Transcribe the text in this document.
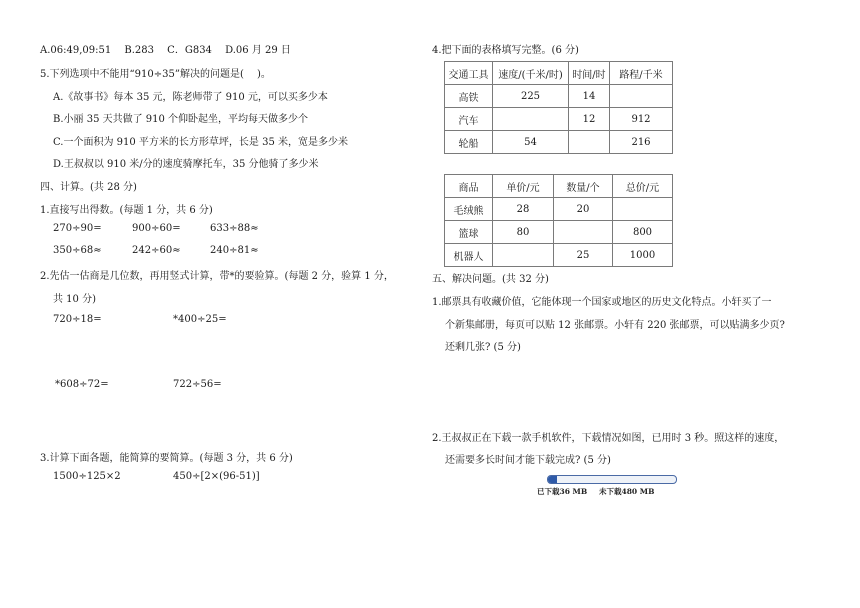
A.06:49,09:51　 B.283　 C．G834　 D.06 月 29 日
5.下列选项中不能用“910÷35”解决的问题是(　 )。
A.《故事书》每本 35 元，陈老师带了 910 元，可以买多少本
B.小丽 35 天共做了 910 个仰卧起坐，平均每天做多少个
C.一个面积为 910 平方米的长方形草坪，长是 35 米，宽是多少米
D.王叔叔以 910 米/分的速度骑摩托车，35 分他骑了多少米
四、计算。(共 28 分)
1.直接写出得数。(每题 1 分，共 6 分)
270÷90=	900÷60=	633÷88≈
350÷68≈	242÷60≈	240÷81≈
2.先估一估商是几位数，再用竖式计算，带*的要验算。(每题 2 分，验算 1 分，
共 10 分)
720÷18=	*400÷25=
*608÷72=	722÷56=
3.计算下面各题，能简算的要简算。(每题 3 分，共 6 分)
1500÷125×2	450÷[2×(96-51)]
4.把下面的表格填写完整。(6 分)
交通工具	速度/(千米/时)	时间/时	路程/千米
高铁	225	14	
汽车		12	912
轮船	54		216
商品	单价/元	数量/个	总价/元
毛绒熊	28	20	
篮球	80		800
机器人		25	1000
五、解决问题。(共 32 分)
1.邮票具有收藏价值，它能体现一个国家或地区的历史文化特点。小轩买了一
个新集邮册，每页可以贴 12 张邮票。小轩有 220 张邮票，可以贴满多少页?
还剩几张? (5 分)
2.王叔叔正在下载一款手机软件，下载情况如图，已用时 3 秒。照这样的速度，
还需要多长时间才能下载完成? (5 分)
已下载36 MB 未下载480 MB
